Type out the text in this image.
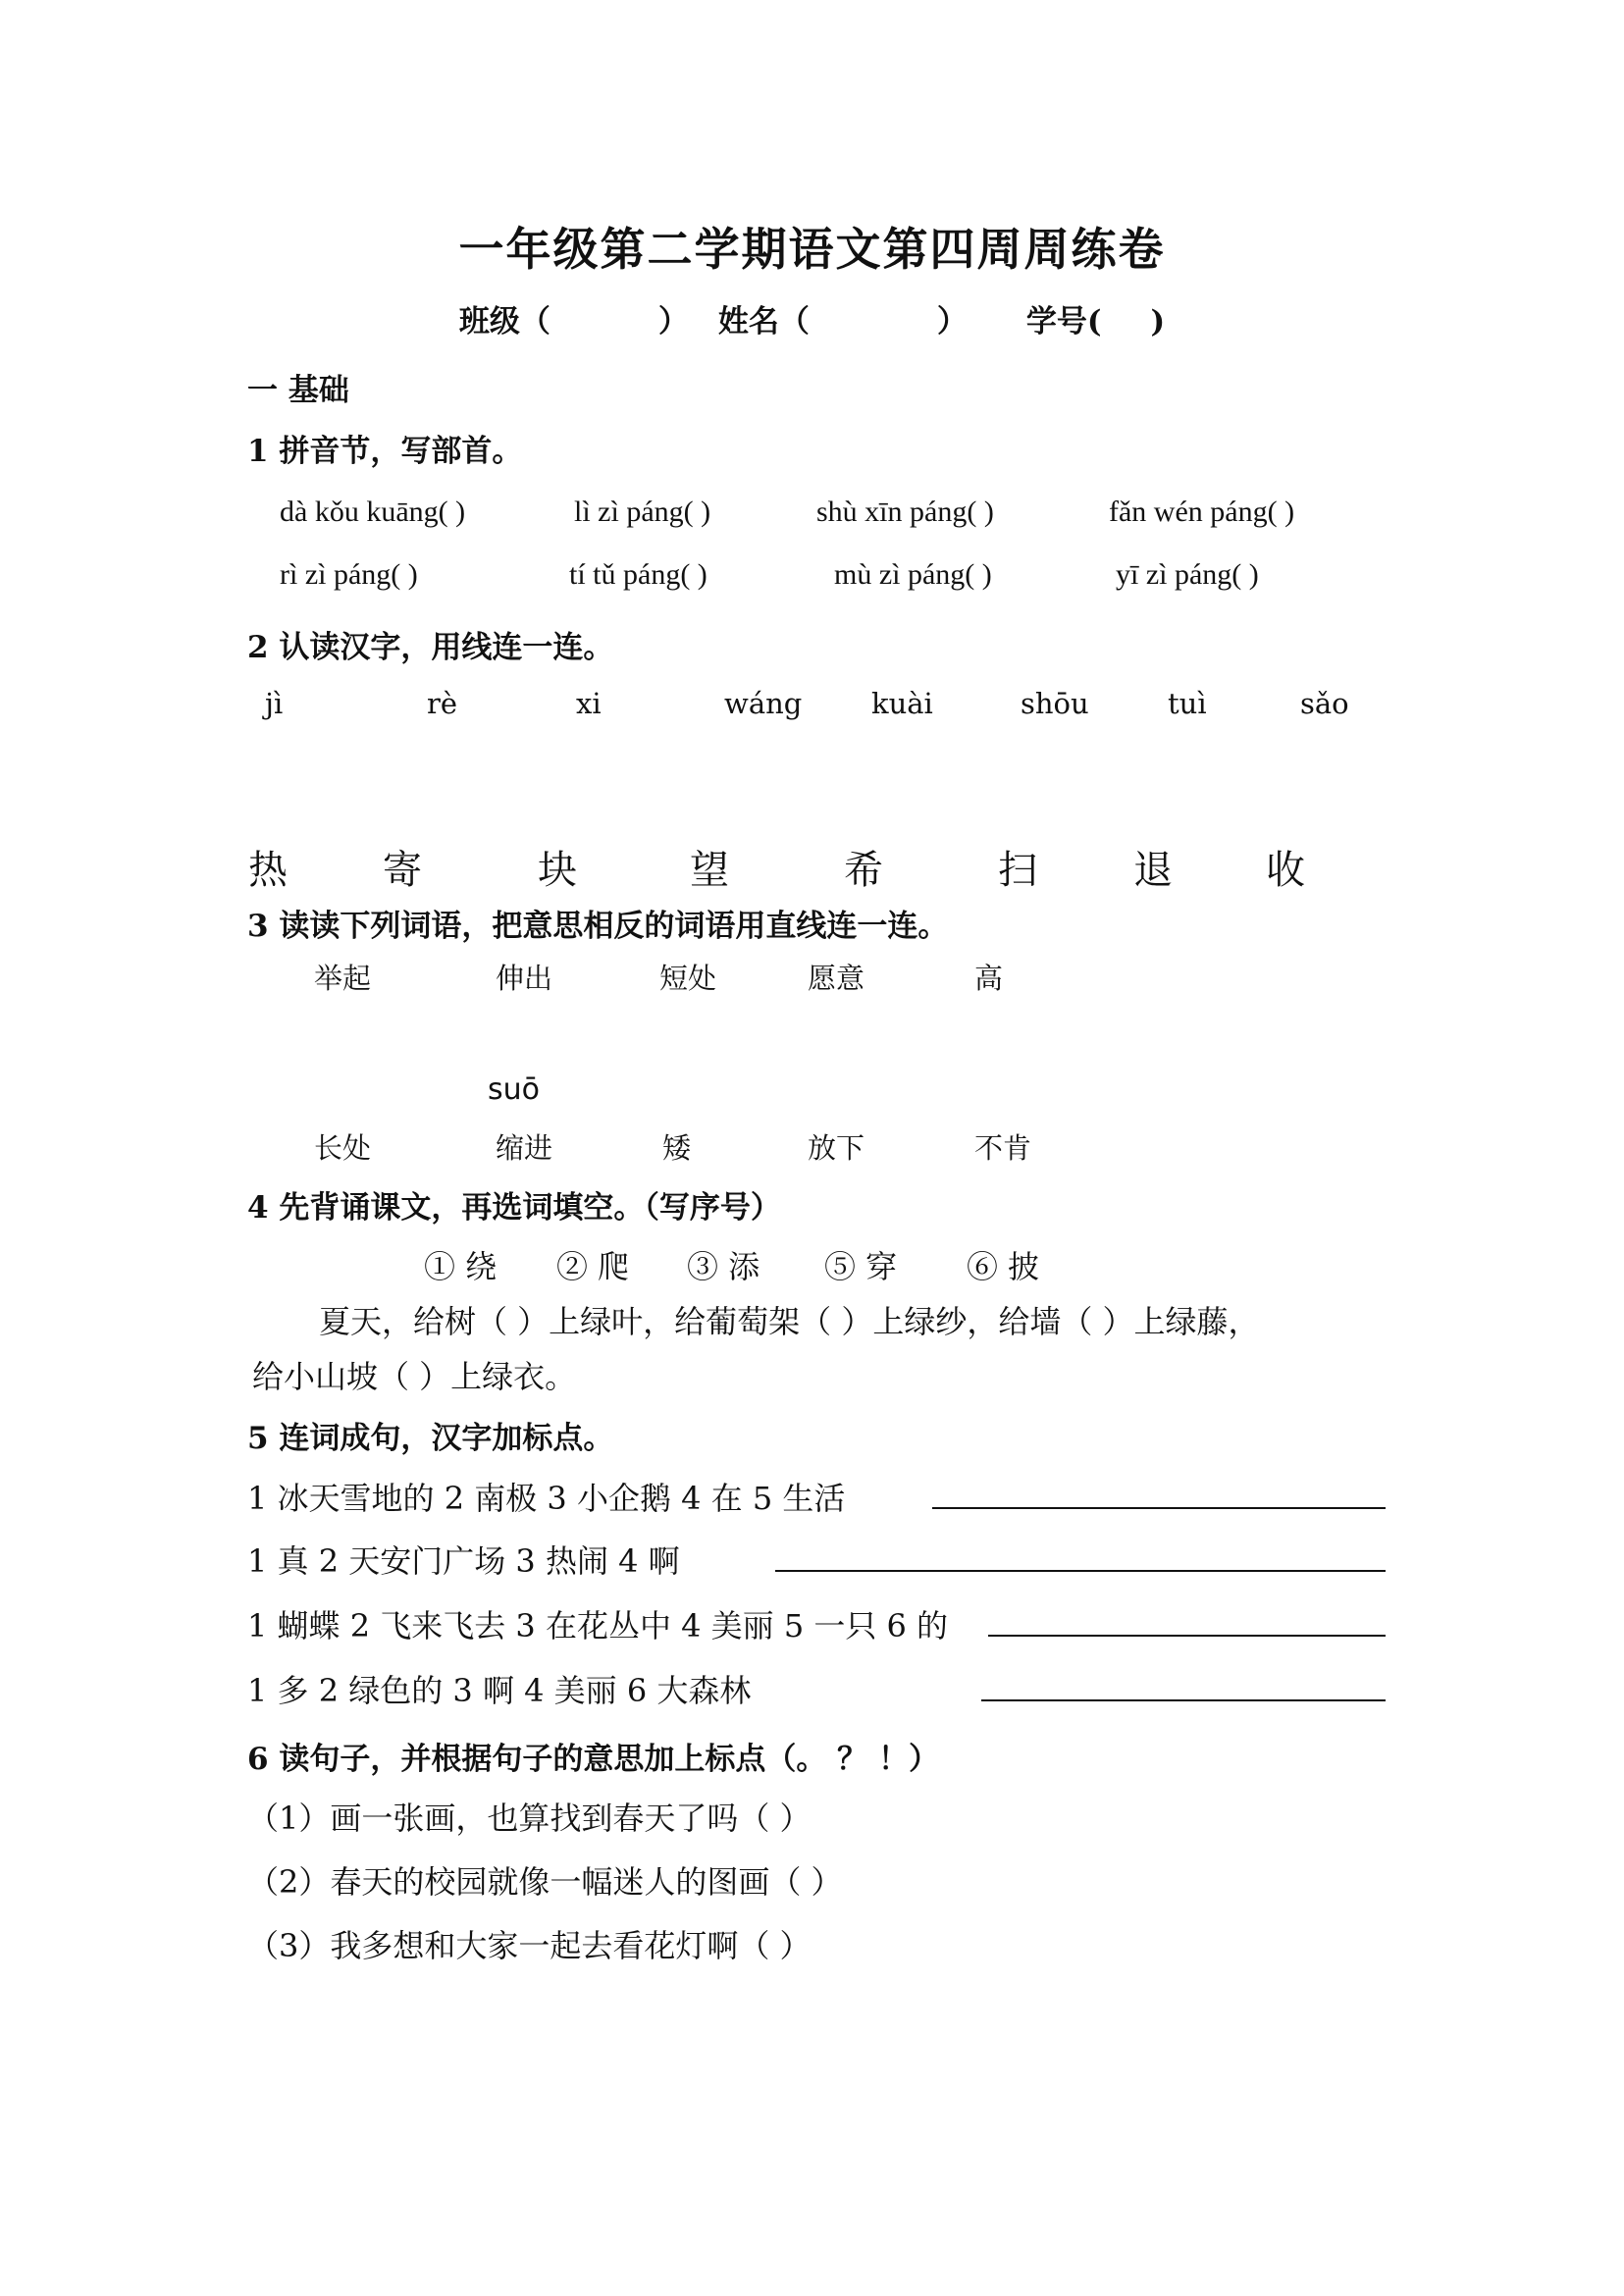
一年级第二学期语文第四周周练卷
班级（	） 姓名（	） 学号( )
一 基础
1 拼音节，写部首。
dà kǒu kuāng( )	lì zì páng( )	shù xīn páng( )	fǎn wén páng( )
rì zì páng( )	tí tǔ páng( )	mù zì páng( )	yī zì páng( )
2 认读汉字，用线连一连。
jì	rè	xi	wáng kuài	shōu	tuì	sǎo
热 寄	块	望	希	扫 退 收
3 读读下列词语，把意思相反的词语用直线连一连。
举起	伸出	短处	愿意	高
suō
长处	缩进	矮	放下	不肯
4 先背诵课文，再选词填空。（写序号）
① 绕 ② 爬 ③ 添 ⑤ 穿 ⑥ 披
夏天，给树（ ）上绿叶，给葡萄架（ ）上绿纱，给墙（ ）上绿藤，
给小山坡（ ）上绿衣。
5 连词成句，汉字加标点。
1 冰天雪地的 2 南极 3 小企鹅 4 在 5 生活
1 真 2 天安门广场 3 热闹 4 啊
1 蝴蝶 2 飞来飞去 3 在花丛中 4 美丽 5 一只 6 的
1 多 2 绿色的 3 啊 4 美丽 6 大森林
6 读句子，并根据句子的意思加上标点（。 ？ ！）
（1）画一张画，也算找到春天了吗（ ）
（2）春天的校园就像一幅迷人的图画（ ）
（3）我多想和大家一起去看花灯啊（ ）
